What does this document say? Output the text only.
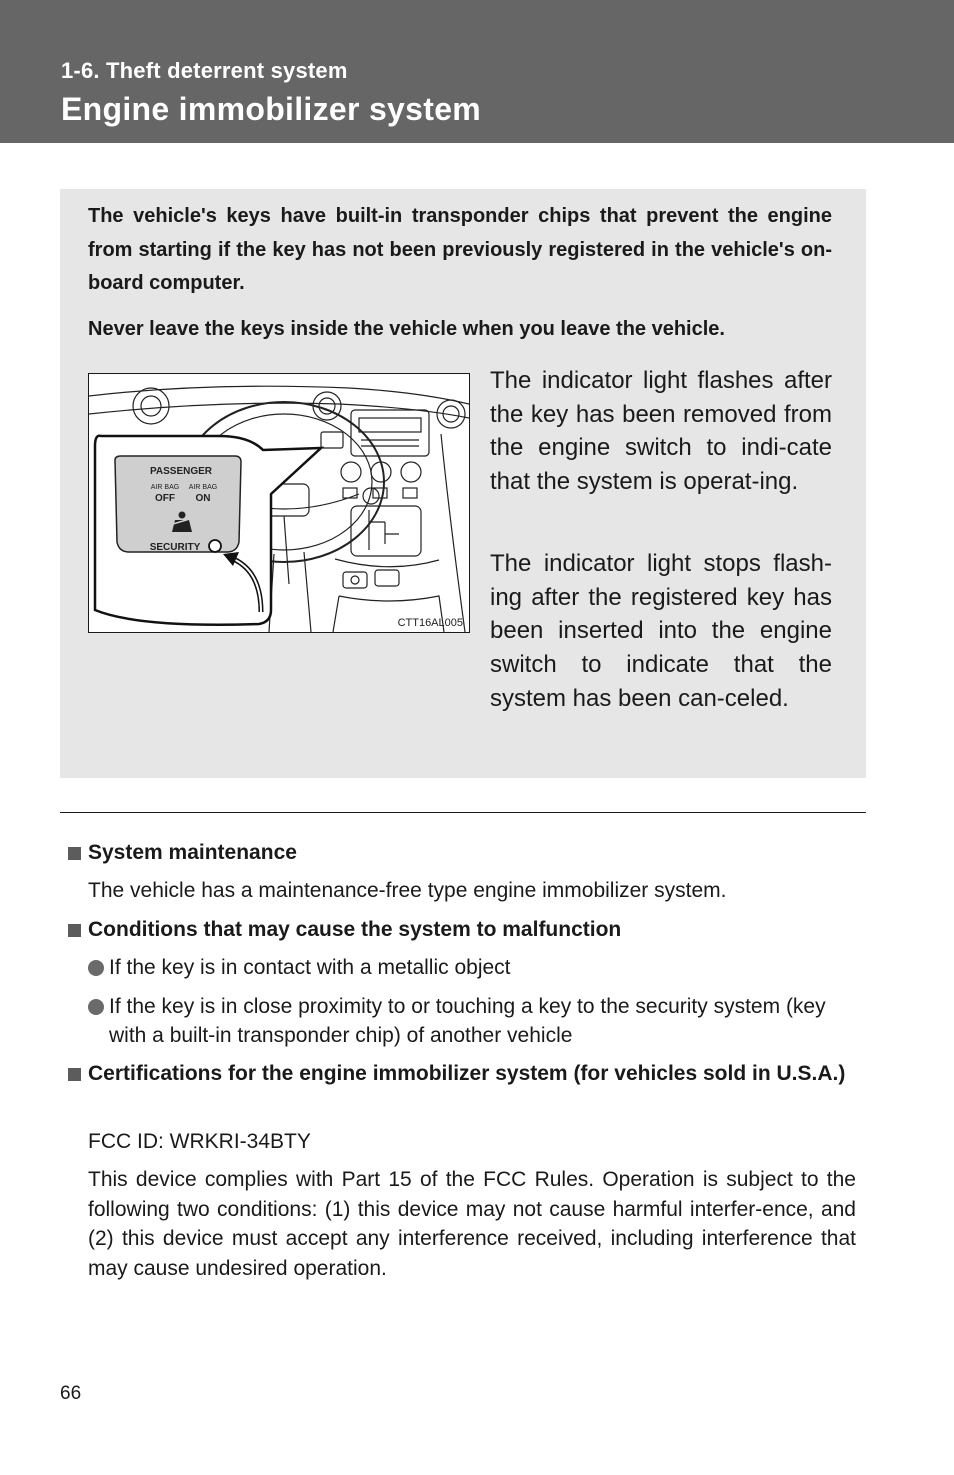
1-6. Theft deterrent system
Engine immobilizer system

The vehicle's keys have built-in transponder chips that prevent the engine from starting if the key has not been previously registered in the vehicle's on-board computer.

Never leave the keys inside the vehicle when you leave the vehicle.

PASSENGER
AIR BAG AIR BAG
OFF ON
SECURITY
CTT16AL005

The indicator light flashes after the key has been removed from the engine switch to indi-cate that the system is operat-ing.

The indicator light stops flash-ing after the registered key has been inserted into the engine switch to indicate that the system has been can-celed.

System maintenance

The vehicle has a maintenance-free type engine immobilizer system.

Conditions that may cause the system to malfunction
If the key is in contact with a metallic object
If the key is in close proximity to or touching a key to the security system (key with a built-in transponder chip) of another vehicle
Certifications for the engine immobilizer system (for vehicles sold in U.S.A.)

FCC ID: WRKRI-34BTY

This device complies with Part 15 of the FCC Rules. Operation is subject to the following two conditions: (1) this device may not cause harmful interfer-ence, and (2) this device must accept any interference received, including interference that may cause undesired operation.

66
